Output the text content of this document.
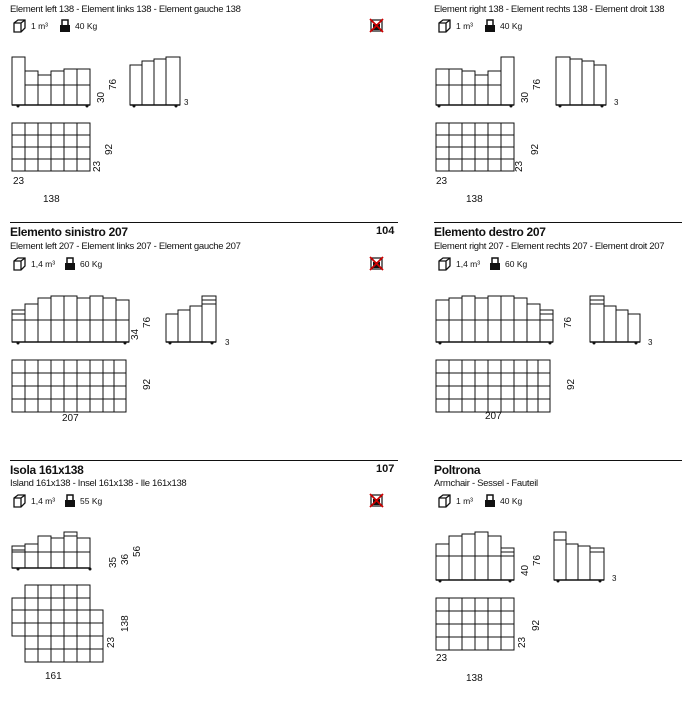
Element left 138 - Element links 138 - Element gauche 138
1 m³	40 Kg
30
76
3
92
23
23
138
Element right 138 - Element rechts 138 - Element droit 138
1 m³	40 Kg
30
76
3
92
23
23
138
Elemento sinistro 207	104
Element left 207 - Element links 207 - Element gauche 207
1,4 m³	60 Kg
34
76
3
92
207
Elemento destro 207
Element right 207 - Element rechts 207 - Element droit 207
1,4 m³	60 Kg
76
3
92
207
Isola 161x138	107
Island 161x138 - Insel 161x138 - Ile 161x138
1,4 m³	55 Kg
35 36
56
138
23
161
Poltrona
Armchair - Sessel - Fauteil
1 m³	40 Kg
40
76
3
92
23
23
138
